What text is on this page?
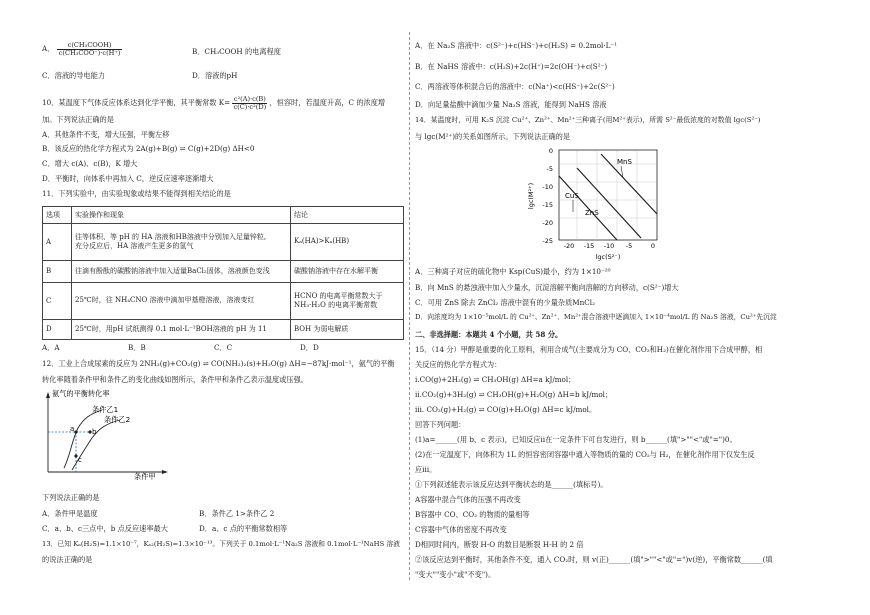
A．	c(CH₃COOH)
c(CH₃COO⁻)·c(H⁺)	B．CH₃COOH 的电离程度
C．溶液的导电能力	D．溶液的pH
10．某温度下气体反应体系达到化学平衡，其平衡常数 $K= \frac{\text{c²(A)·c(B)}}{\text{c(C)·c²(D)}}$ ，恒容时，若温度升高，C 的浓度增
加。下列说法正确的是
A．其他条件不变，增大压强，平衡左移
B．该反应的热化学方程式为 2A(g)+B(g) ⇌ C(g)+2D(g) ΔH<0
C．增大 c(A)、c(B)，K 增大
D．平衡时，向体系中再加入 C，逆反应速率逐渐增大
11．下列实验中，由实验现象或结果不能得到相关结论的是
选项	实验操作和现象	结论
A	往等体积、等 pH 的 HA 溶液和HB溶液中分别加入足量锌粒,
充分反应后，HA 溶液产生更多的氢气	Kₐ(HA)>Kₐ(HB)

B	往滴有酚酞的碳酸钠溶液中加入适量BaCl₂固体，溶液颜色变浅	碳酸钠溶液中存在水解平衡

C	25℃时，往 NH₄CNO 溶液中滴加甲基橙溶液，溶液变红	HCNO 的电离平衡常数大于
NH₃·H₂O 的电离平衡常数

D	25℃时，用pH 试纸测得 0.1 mol·L⁻¹BOH溶液的 pH 为 11	BOH 为弱电解质
A．A	B．B	C．C	D．D
12．工业上合成尿素的反应为 2NH₃(g)+CO₂(g) ⇌ CO(NH₂)₂(s)+H₂O(g) ΔH=−87kJ·mol⁻¹，氨气的平衡
转化率随着条件甲和条件乙的变化曲线如图所示，条件甲和条件乙表示温度或压强。
氨气的平衡转化率
条件甲
a	b
c
条件乙1
条件乙2
下列说法正确的是
A．条件甲是温度	B．条件乙 1>条件乙 2
C．a、b、c三点中，b 点反应速率最大	D．a、c 点的平衡常数相等
13．已知 Kₐ(H₂S)=1.1×10⁻⁷，Kₐ₂(H₂S)=1.3×10⁻¹³。下列关于 0.1mol·L⁻¹Na₂S 溶液和 0.1mol·L⁻¹NaHS 溶液
的说法正确的是
A．在 Na₂S 溶液中：c(S²⁻)+c(HS⁻)+c(H₂S) = 0.2mol·L⁻¹
B．在 NaHS 溶液中：c(H₂S)+2c(H⁺)=2c(OH⁻)+c(S²⁻)
C．两溶液等体积混合后的溶液中：c(Na⁺)<c(HS⁻)+2c(S²⁻)
D．向足量盐酸中滴加少量 Na₂S 溶液，能得到 NaHS 溶液
14．某温度时，可用 K₂S 沉淀 Cu²⁺、Zn²⁺、Mn²⁺三种离子(用M²⁺表示)，所需 S²⁻最低浓度的对数值 lgc(S²⁻)
与 lgc(M²⁺)的关系如图所示。下列说法正确的是
CuS
ZnS
MnS
0
-5
-10
-15
-20
-25
-20 -15 -10 -5	0
lgc(S²⁻)
lgc(M²⁺)
A．三种离子对应的硫化物中 Ksp(CuS)最小，约为 1×10⁻²⁰
B．向 MnS 的悬浊液中加入少量水，沉淀溶解平衡向溶解的方向移动，c(S²⁻)增大
C．可用 ZnS 除去 ZnCl₂ 溶液中混有的少量杂质MnCl₂
D．向浓度均为 1×10⁻⁵mol/L 的 Cu²⁺、Zn²⁺、Mn²⁺混合溶液中逐滴加入 1×10⁻⁴mol/L 的 Na₂S 溶液，Cu²⁺先沉淀
二、非选择题：本题共 4 个小题，共 58 分。
15．（14 分）甲醇是重要的化工原料，利用合成气(主要成分为 CO、CO₂和H₂)在催化剂作用下合成甲醇，相
关反应的热化学方程式为：
ⅰ.CO(g)+2H₂(g) ⇌ CH₃OH(g) ΔH=a kJ/mol；
ⅱ.CO₂(g)+3H₂(g) ⇌ CH₃OH(g)+H₂O(g) ΔH=b kJ/mol；
ⅲ. CO₂(g)+H₂(g) ⇌ CO(g)+H₂O(g) ΔH=c kJ/mol。
回答下列问题：
(1)a=______(用 b、c 表示)，已知反应ⅱ在一定条件下可自发进行，则 b______(填">""<"或"=")0。
(2)在一定温度下，向体积为 1L 的恒容密闭容器中通入等物质的量的 CO₂与 H₂，在催化剂作用下仅发生反
应ⅲ。
①下列叙述能表示该反应达到平衡状态的是______(填标号)。
A容器中混合气体的压强不再改变
B容器中 CO、CO₂ 的物质的量相等
C容器中气体的密度不再改变
D相同时间内，断裂 H-O 的数目是断裂 H-H 的 2 倍
②该反应达到平衡时，其他条件不变，通入 CO₂时，则 v(正)______(填">""<"或"=")v(逆)，平衡常数______(填
"变大""变小"或"不变")。
